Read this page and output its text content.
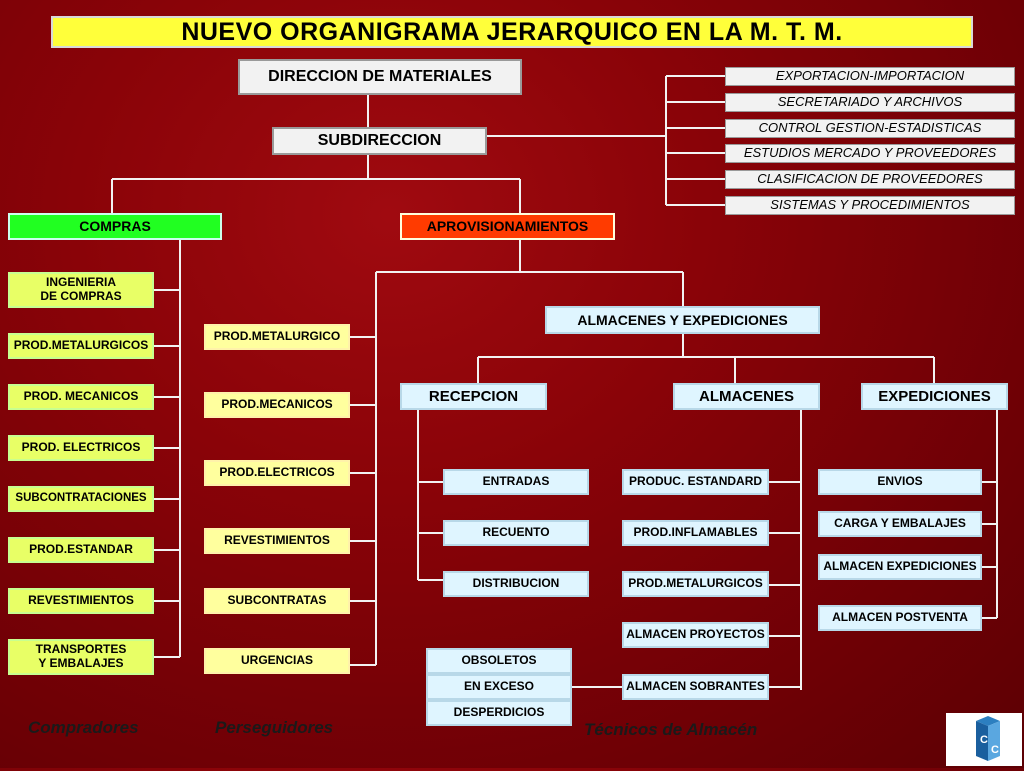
NUEVO ORGANIGRAMA JERARQUICO EN LA M. T. M.
DIRECCION DE MATERIALES
SUBDIRECCION
EXPORTACION-IMPORTACION
SECRETARIADO Y ARCHIVOS
CONTROL GESTION-ESTADISTICAS
ESTUDIOS MERCADO Y PROVEEDORES
CLASIFICACION DE PROVEEDORES
SISTEMAS Y PROCEDIMIENTOS
COMPRAS
INGENIERIA
DE COMPRAS
PROD.METALURGICOS
PROD. MECANICOS
PROD. ELECTRICOS
SUBCONTRATACIONES
PROD.ESTANDAR
REVESTIMIENTOS
TRANSPORTES
Y EMBALAJES
APROVISIONAMIENTOS
PROD.METALURGICO
PROD.MECANICOS
PROD.ELECTRICOS
REVESTIMIENTOS
SUBCONTRATAS
URGENCIAS
ALMACENES Y EXPEDICIONES
RECEPCION	ALMACENES	EXPEDICIONES
ENTRADAS
RECUENTO
DISTRIBUCION
PRODUC. ESTANDARD
PROD.INFLAMABLES
PROD.METALURGICOS
ALMACEN PROYECTOS
ALMACEN SOBRANTES
ENVIOS
CARGA Y EMBALAJES
ALMACEN EXPEDICIONES
ALMACEN POSTVENTA
OBSOLETOS
EN EXCESO
DESPERDICIOS
Compradores	Perseguidores	Técnicos de Almacén
C
C
